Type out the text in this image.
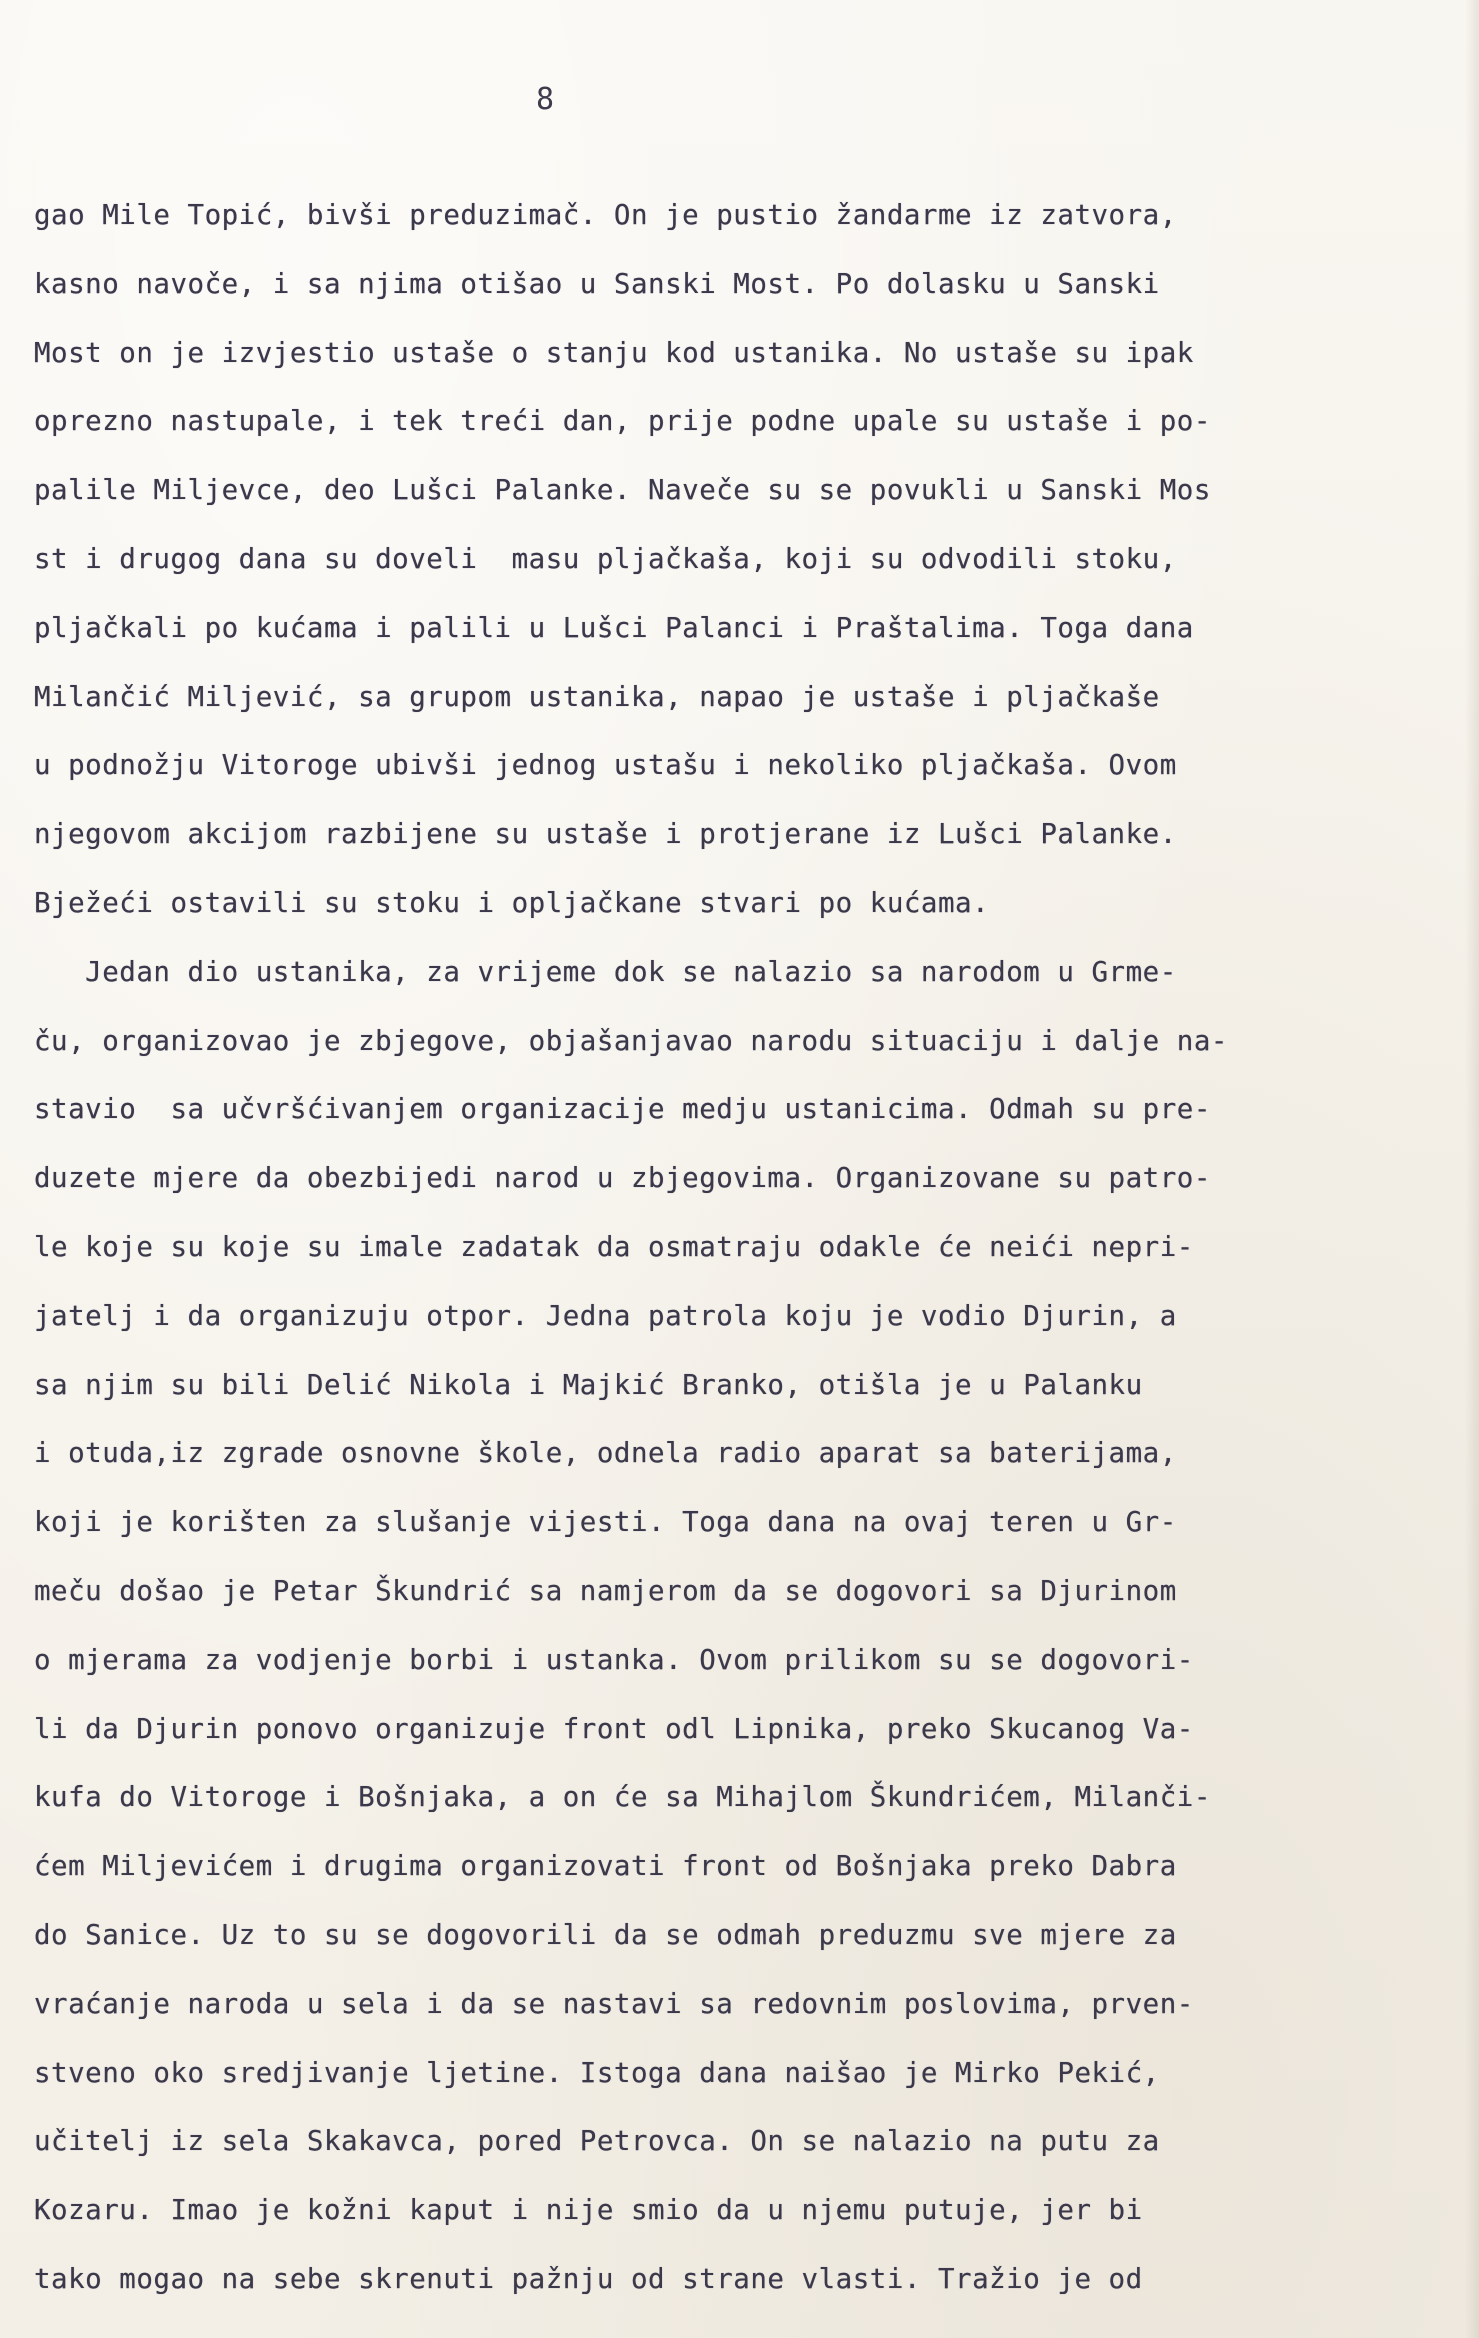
8

gao Mile Topić, bivši preduzimač. On je pustio žandarme iz zatvora,
kasno navoče, i sa njima otišao u Sanski Most. Po dolasku u Sanski
Most on je izvjestio ustaše o stanju kod ustanika. No ustaše su ipak
oprezno nastupale, i tek treći dan, prije podne upale su ustaše i po-
palile Miljevce, deo Lušci Palanke. Naveče su se povukli u Sanski Mos
st i drugog dana su doveli  masu pljačkaša, koji su odvodili stoku,
pljačkali po kućama i palili u Lušci Palanci i Praštalima. Toga dana
Milančić Miljević, sa grupom ustanika, napao je ustaše i pljačkaše
u podnožju Vitoroge ubivši jednog ustašu i nekoliko pljačkaša. Ovom
njegovom akcijom razbijene su ustaše i protjerane iz Lušci Palanke.
Bježeći ostavili su stoku i opljačkane stvari po kućama.
Jedan dio ustanika, za vrijeme dok se nalazio sa narodom u Grme-
ču, organizovao je zbjegove, objašanjavao narodu situaciju i dalje na-
stavio  sa učvršćivanjem organizacije medju ustanicima. Odmah su pre-
duzete mjere da obezbijedi narod u zbjegovima. Organizovane su patro-
le koje su koje su imale zadatak da osmatraju odakle će neići nepri-
jatelj i da organizuju otpor. Jedna patrola koju je vodio Djurin, a
sa njim su bili Delić Nikola i Majkić Branko, otišla je u Palanku
i otuda,iz zgrade osnovne škole, odnela radio aparat sa baterijama,
koji je korišten za slušanje vijesti. Toga dana na ovaj teren u Gr-
meču došao je Petar Škundrić sa namjerom da se dogovori sa Djurinom
o mjerama za vodjenje borbi i ustanka. Ovom prilikom su se dogovori-
li da Djurin ponovo organizuje front odl Lipnika, preko Skucanog Va-
kufa do Vitoroge i Bošnjaka, a on će sa Mihajlom Škundrićem, Milanči-
ćem Miljevićem i drugima organizovati front od Bošnjaka preko Dabra
do Sanice. Uz to su se dogovorili da se odmah preduzmu sve mjere za
vraćanje naroda u sela i da se nastavi sa redovnim poslovima, prven-
stveno oko sredjivanje ljetine. Istoga dana naišao je Mirko Pekić,
učitelj iz sela Skakavca, pored Petrovca. On se nalazio na putu za
Kozaru. Imao je kožni kaput i nije smio da u njemu putuje, jer bi
tako mogao na sebe skrenuti pažnju od strane vlasti. Tražio je od
